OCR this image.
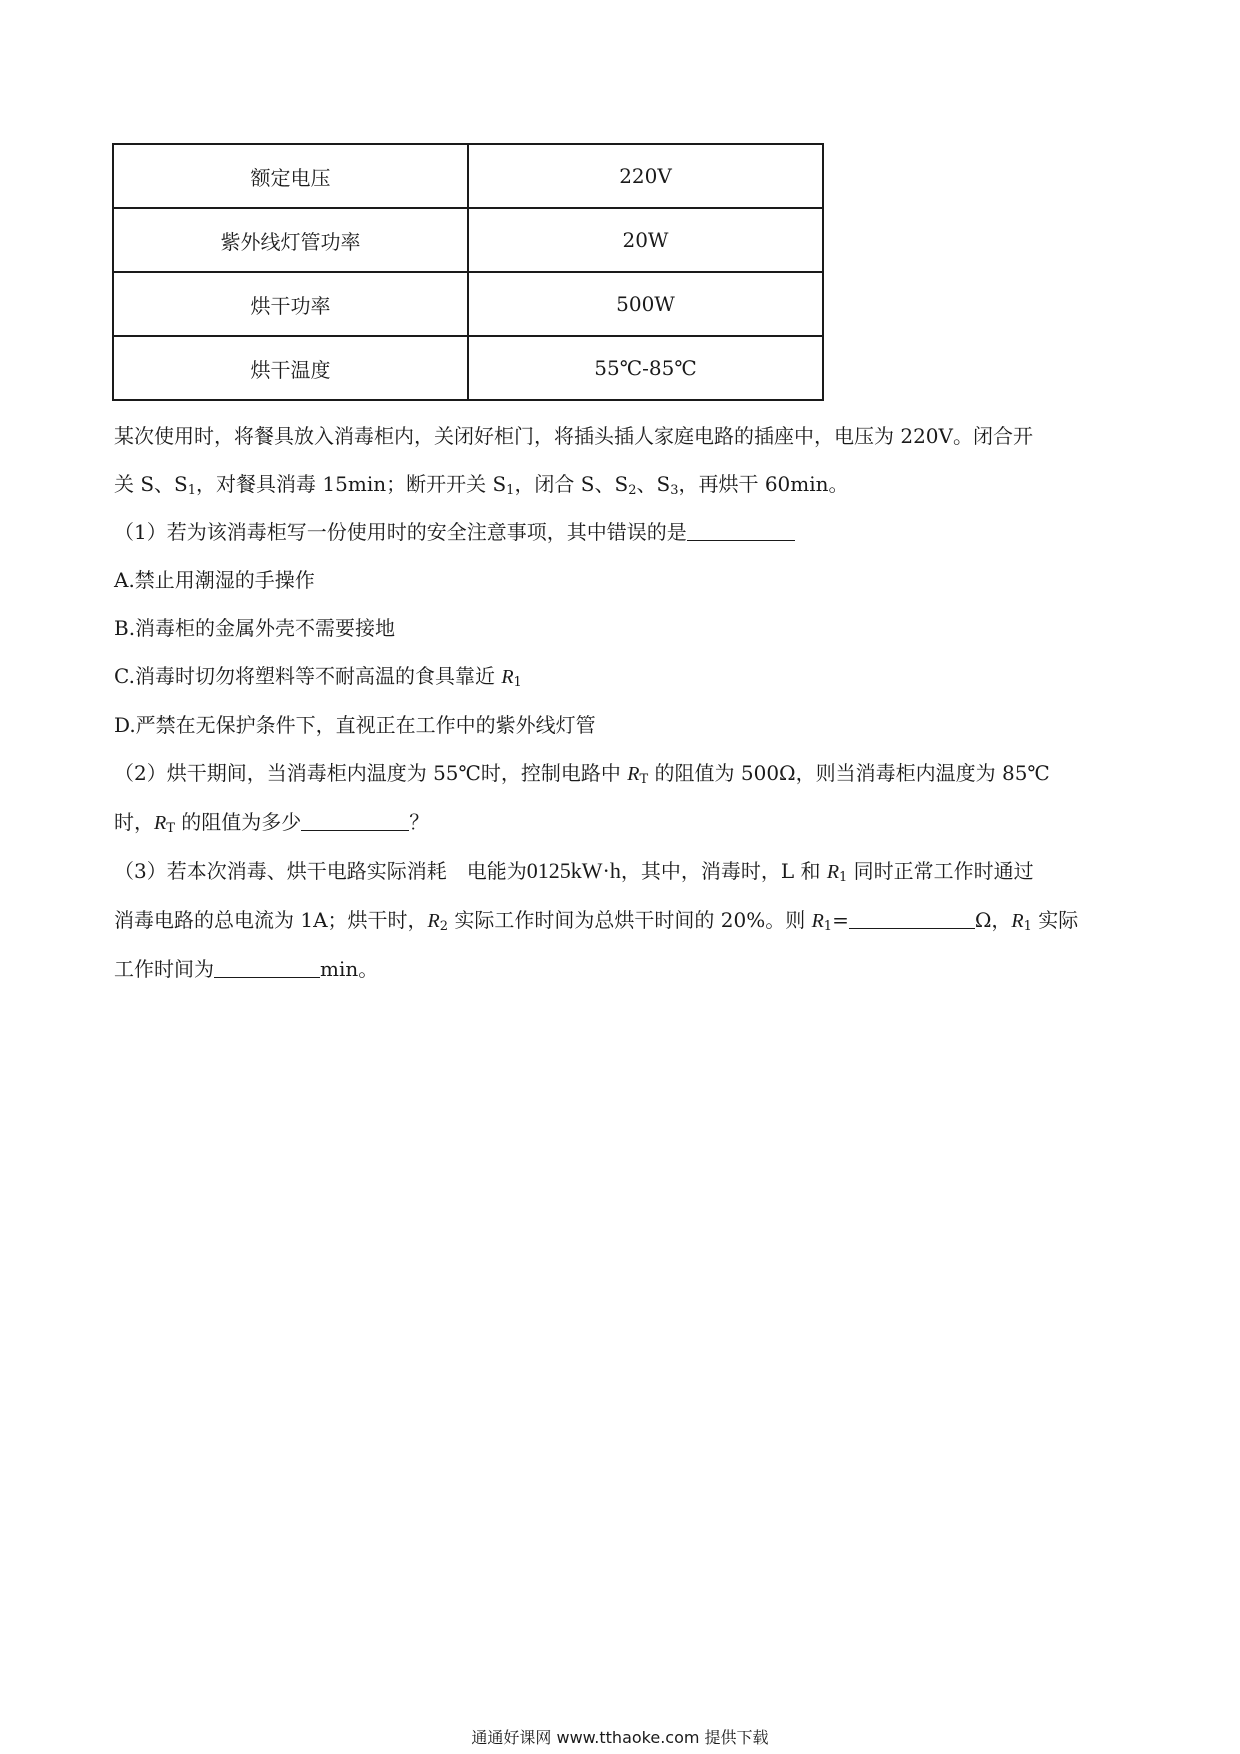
额定电压	220V
紫外线灯管功率	20W
烘干功率	500W
烘干温度	55℃-85℃

某次使用时，将餐具放入消毒柜内，关闭好柜门，将插头插人家庭电路的插座中，电压为 220V。闭合开

关 S、$S_1$，对餐具消毒 15min；断开开关 $S_1$，闭合 S、$S_2$、$S_3$，再烘干 60min。

（1）若为该消毒柜写一份使用时的安全注意事项，其中错误的是

A.禁止用潮湿的手操作

B.消毒柜的金属外壳不需要接地

C.消毒时切勿将塑料等不耐高温的食具靠近 $R_1$

D.严禁在无保护条件下，直视正在工作中的紫外线灯管

（2）烘干期间，当消毒柜内温度为 55℃时，控制电路中 $R_T$ 的阻值为 500Ω，则当消毒柜内温度为 85℃

时，$R_T$ 的阻值为多少	？

（3）若本次消毒、烘干电路实际消耗　电能为0125kW·h，其中，消毒时，L 和 $R_1$ 同时正常工作时通过

消毒电路的总电流为 1A；烘干时，$R_2$ 实际工作时间为总烘干时间的 20%。则 $R_1=$	Ω，$R_1$ 实际

工作时间为	min。

通通好课网 www.tthaoke.com 提供下载
